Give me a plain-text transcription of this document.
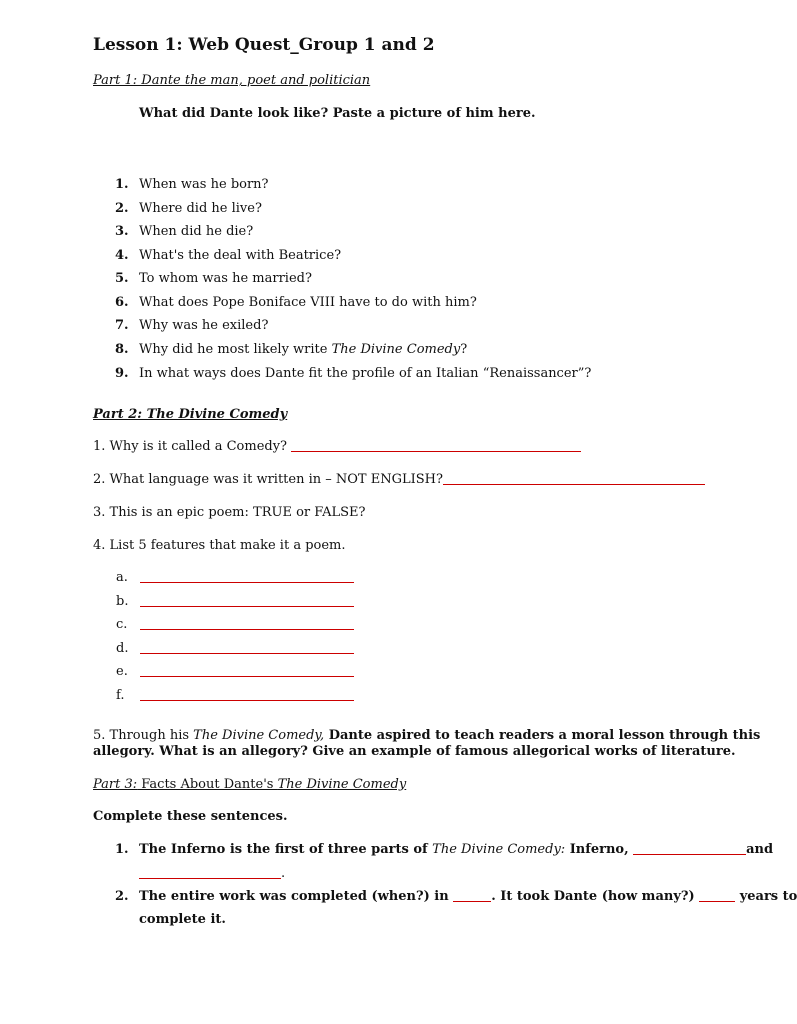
Lesson 1: Web Quest_Group 1 and 2
Part 1: Dante the man, poet and politician
What did Dante look like? Paste a picture of him here.
1. When was he born?
2. Where did he live?
3. When did he die?
4. What's the deal with Beatrice?
5. To whom was he married?
6. What does Pope Boniface VIII have to do with him?
7. Why was he exiled?
8. Why did he most likely write The Divine Comedy?
9. In what ways does Dante fit the profile of an Italian “Renaissancer”?
Part 2: The Divine Comedy
1. Why is it called a Comedy?
2. What language was it written in – NOT ENGLISH?
3. This is an epic poem: TRUE or FALSE?
4. List 5 features that make it a poem.
a.
b.
c.
d.
e.
f.
5. Through his The Divine Comedy, Dante aspired to teach readers a moral lesson through this
allegory. What is an allegory? Give an example of famous allegorical works of literature.
Part 3: Facts About Dante's The Divine Comedy
Complete these sentences.
1. The Inferno is the first of three parts of The Divine Comedy: Inferno,	and
.
2. The entire work was completed (when?) in	. It took Dante (how many?)	years to
complete it.
